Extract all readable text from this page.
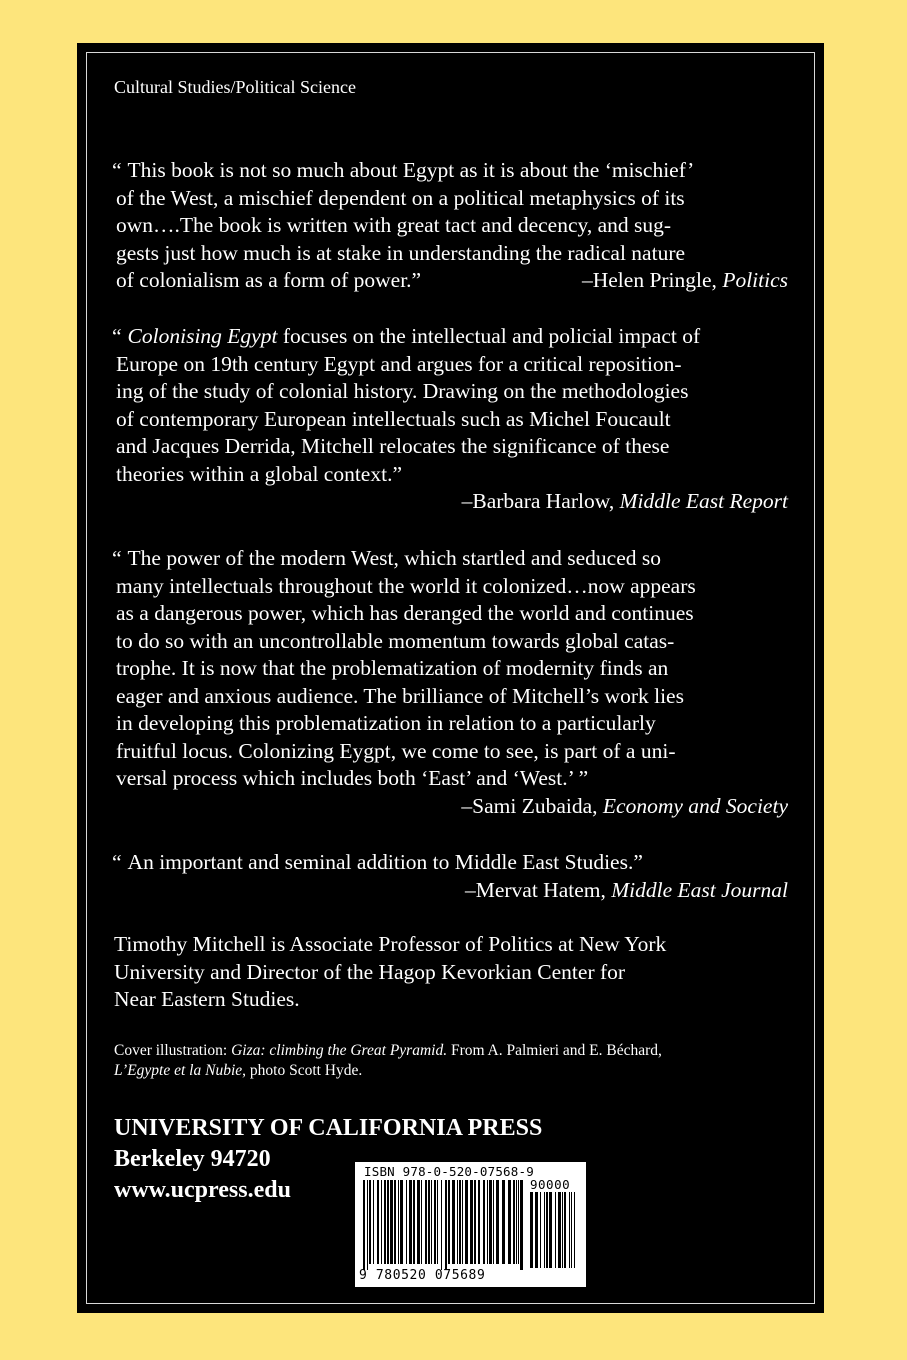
Cultural Studies/Political Science
“ This book is not so much about Egypt as it is about the ‘mischief’
of the West, a mischief dependent on a political metaphysics of its
own….The book is written with great tact and decency, and sug-
gests just how much is at stake in understanding the radical nature
of colonialism as a form of power.”	–Helen Pringle, Politics
“ Colonising Egypt focuses on the intellectual and policial impact of
Europe on 19th century Egypt and argues for a critical reposition-
ing of the study of colonial history. Drawing on the methodologies
of contemporary European intellectuals such as Michel Foucault
and Jacques Derrida, Mitchell relocates the significance of these
theories within a global context.”
–Barbara Harlow, Middle East Report
“ The power of the modern West, which startled and seduced so
many intellectuals throughout the world it colonized…now appears
as a dangerous power, which has deranged the world and continues
to do so with an uncontrollable momentum towards global catas-
trophe. It is now that the problematization of modernity finds an
eager and anxious audience. The brilliance of Mitchell’s work lies
in developing this problematization in relation to a particularly
fruitful locus. Colonizing Eygpt, we come to see, is part of a uni-
versal process which includes both ‘East’ and ‘West.’ ”
–Sami Zubaida, Economy and Society
“ An important and seminal addition to Middle East Studies.”
–Mervat Hatem, Middle East Journal
Timothy Mitchell is Associate Professor of Politics at New York
University and Director of the Hagop Kevorkian Center for
Near Eastern Studies.
Cover illustration: Giza: climbing the Great Pyramid. From A. Palmieri and E. Béchard,
L’Egypte et la Nubie, photo Scott Hyde.
UNIVERSITY OF CALIFORNIA PRESS
Berkeley 94720
www.ucpress.edu
ISBN 978-0-520-07568-9
90000
9 780520 075689
